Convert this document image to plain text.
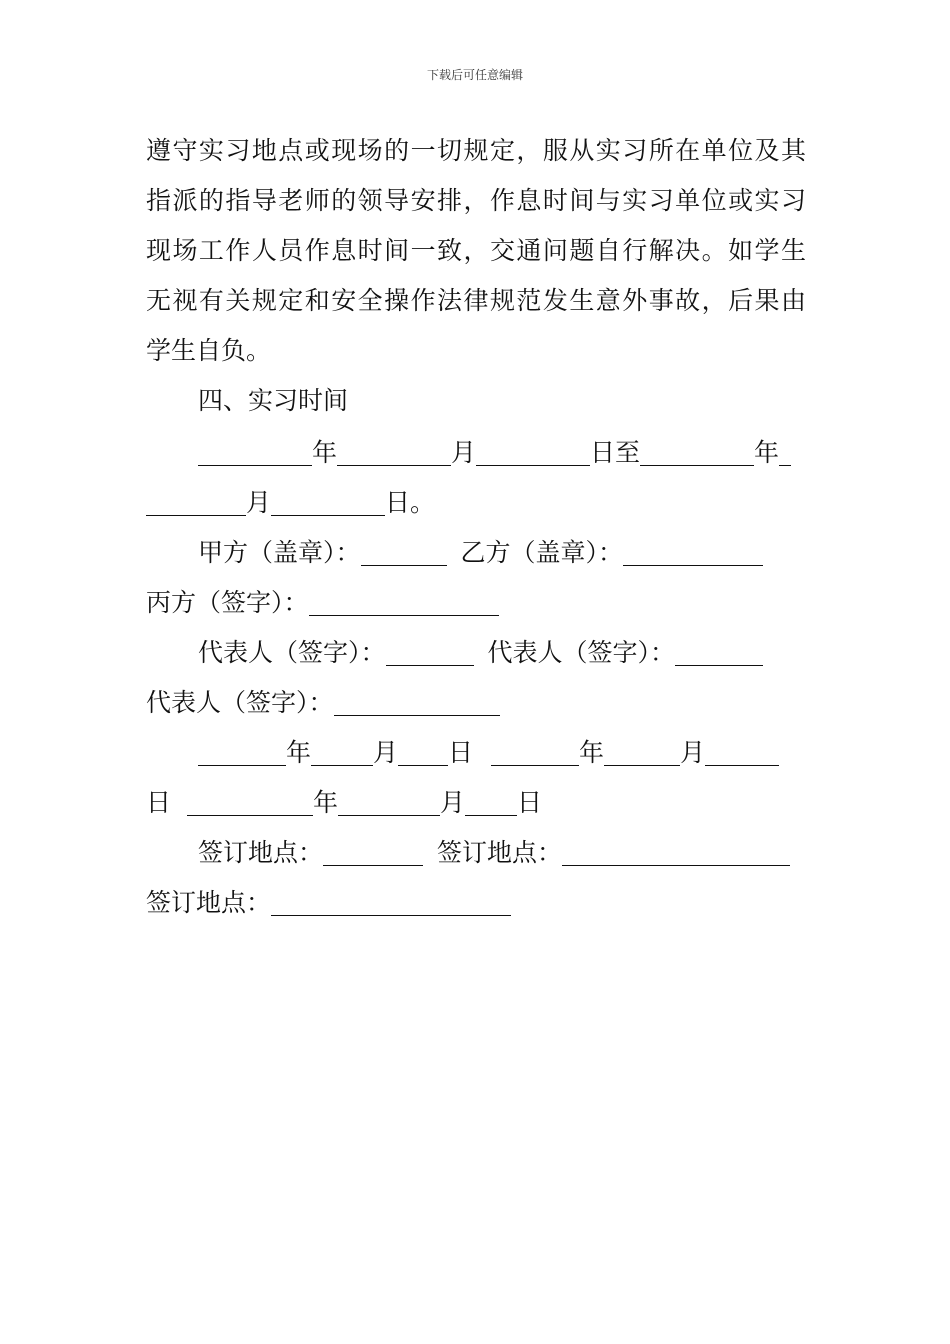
下载后可任意编辑
遵守实习地点或现场的一切规定，服从实习所在单位及其
指派的指导老师的领导安排，作息时间与实习单位或实习
现场工作人员作息时间一致，交通问题自行解决。如学生
无视有关规定和安全操作法律规范发生意外事故，后果由
学生自负。
四、实习时间
年	月	日至	年
月	日。
甲方（盖章）：	乙方（盖章）：
丙方（签字）：
代表人（签字）：	代表人（签字）：
代表人（签字）：
年 月 日	年	月
日	年	月 日
签订地点：	签订地点：
签订地点：
